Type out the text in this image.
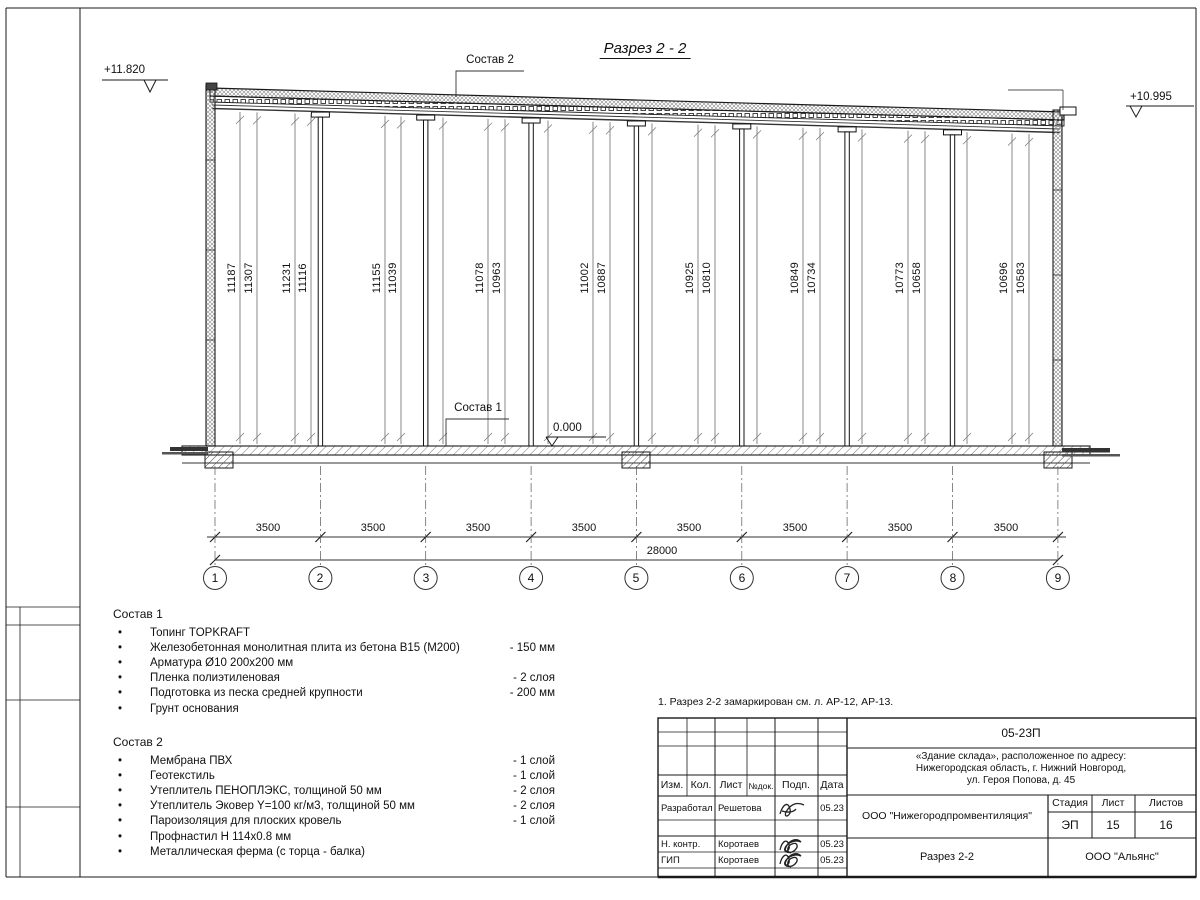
Разрез 2 - 2
+11.820
+10.995
0.000
Состав 2
Состав 1
11187 11307 11231 11116	11155 11039	11078 10963	11002 10887	10925 10810	10849 10734	10773 10658	10696 10583
3500	3500	3500	3500	3500	3500	3500	3500
28000
1	2	3	4	5	6	7	8	9
Состав 1
•	Топинг TOPKRAFT
•	Железобетонная монолитная плита из бетона В15 (М200)	- 150 мм
•	Арматура Ø10 200х200 мм
•	Пленка полиэтиленовая	- 2 слоя
•	Подготовка из песка средней крупности	- 200 мм
•	Грунт основания
Состав 2
•	Мембрана ПВХ	- 1 слой
•	Геотекстиль	- 1 слой
•	Утеплитель ПЕНОПЛЭКС, толщиной 50 мм	- 2 слоя
•	Утеплитель Эковер Y=100 кг/м3, толщиной 50 мм	- 2 слоя
•	Пароизоляция для плоских кровель	- 1 слой
•	Профнастил Н 114х0.8 мм
•	Металлическая ферма (с торца - балка)
1. Разрез 2-2 замаркирован см. л. АР-12, АР-13.
05-23П
«Здание склада», расположенное по адресу:
Нижегородская область, г. Нижний Новгород,
ул. Героя Попова, д. 45
Изм. Кол. Лист №док. Подп. Дата
Разработал Решетова	05.23
Н. контр. Коротаев	05.23
ГИП	Коротаев	05.23
ООО "Нижегородпромвентиляция"
Стадия Лист Листов
ЭП 15	16
Разрез 2-2	ООО "Альянс"
